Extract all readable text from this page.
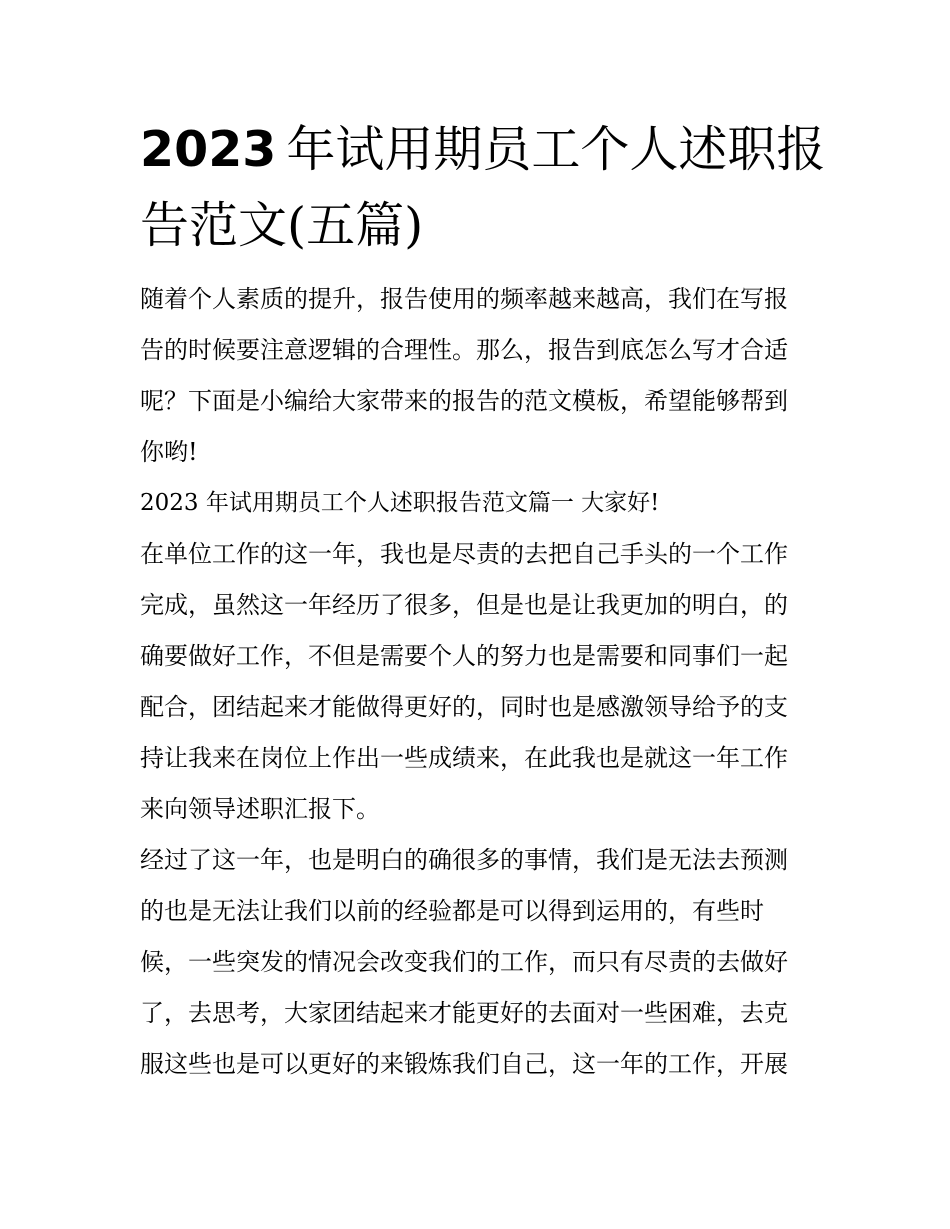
2023 年试用期员工个人述职报
告范文(五篇)
随着个人素质的提升，报告使用的频率越来越高，我们在写报
告的时候要注意逻辑的合理性。那么，报告到底怎么写才合适
呢？下面是小编给大家带来的报告的范文模板，希望能够帮到
你哟!
2023 年试用期员工个人述职报告范文篇一 大家好!
在单位工作的这一年，我也是尽责的去把自己手头的一个工作
完成，虽然这一年经历了很多，但是也是让我更加的明白，的
确要做好工作，不但是需要个人的努力也是需要和同事们一起
配合，团结起来才能做得更好的，同时也是感激领导给予的支
持让我来在岗位上作出一些成绩来，在此我也是就这一年工作
来向领导述职汇报下。
经过了这一年，也是明白的确很多的事情，我们是无法去预测
的也是无法让我们以前的经验都是可以得到运用的，有些时
候，一些突发的情况会改变我们的工作，而只有尽责的去做好
了，去思考，大家团结起来才能更好的去面对一些困难，去克
服这些也是可以更好的来锻炼我们自己，这一年的工作，开展
